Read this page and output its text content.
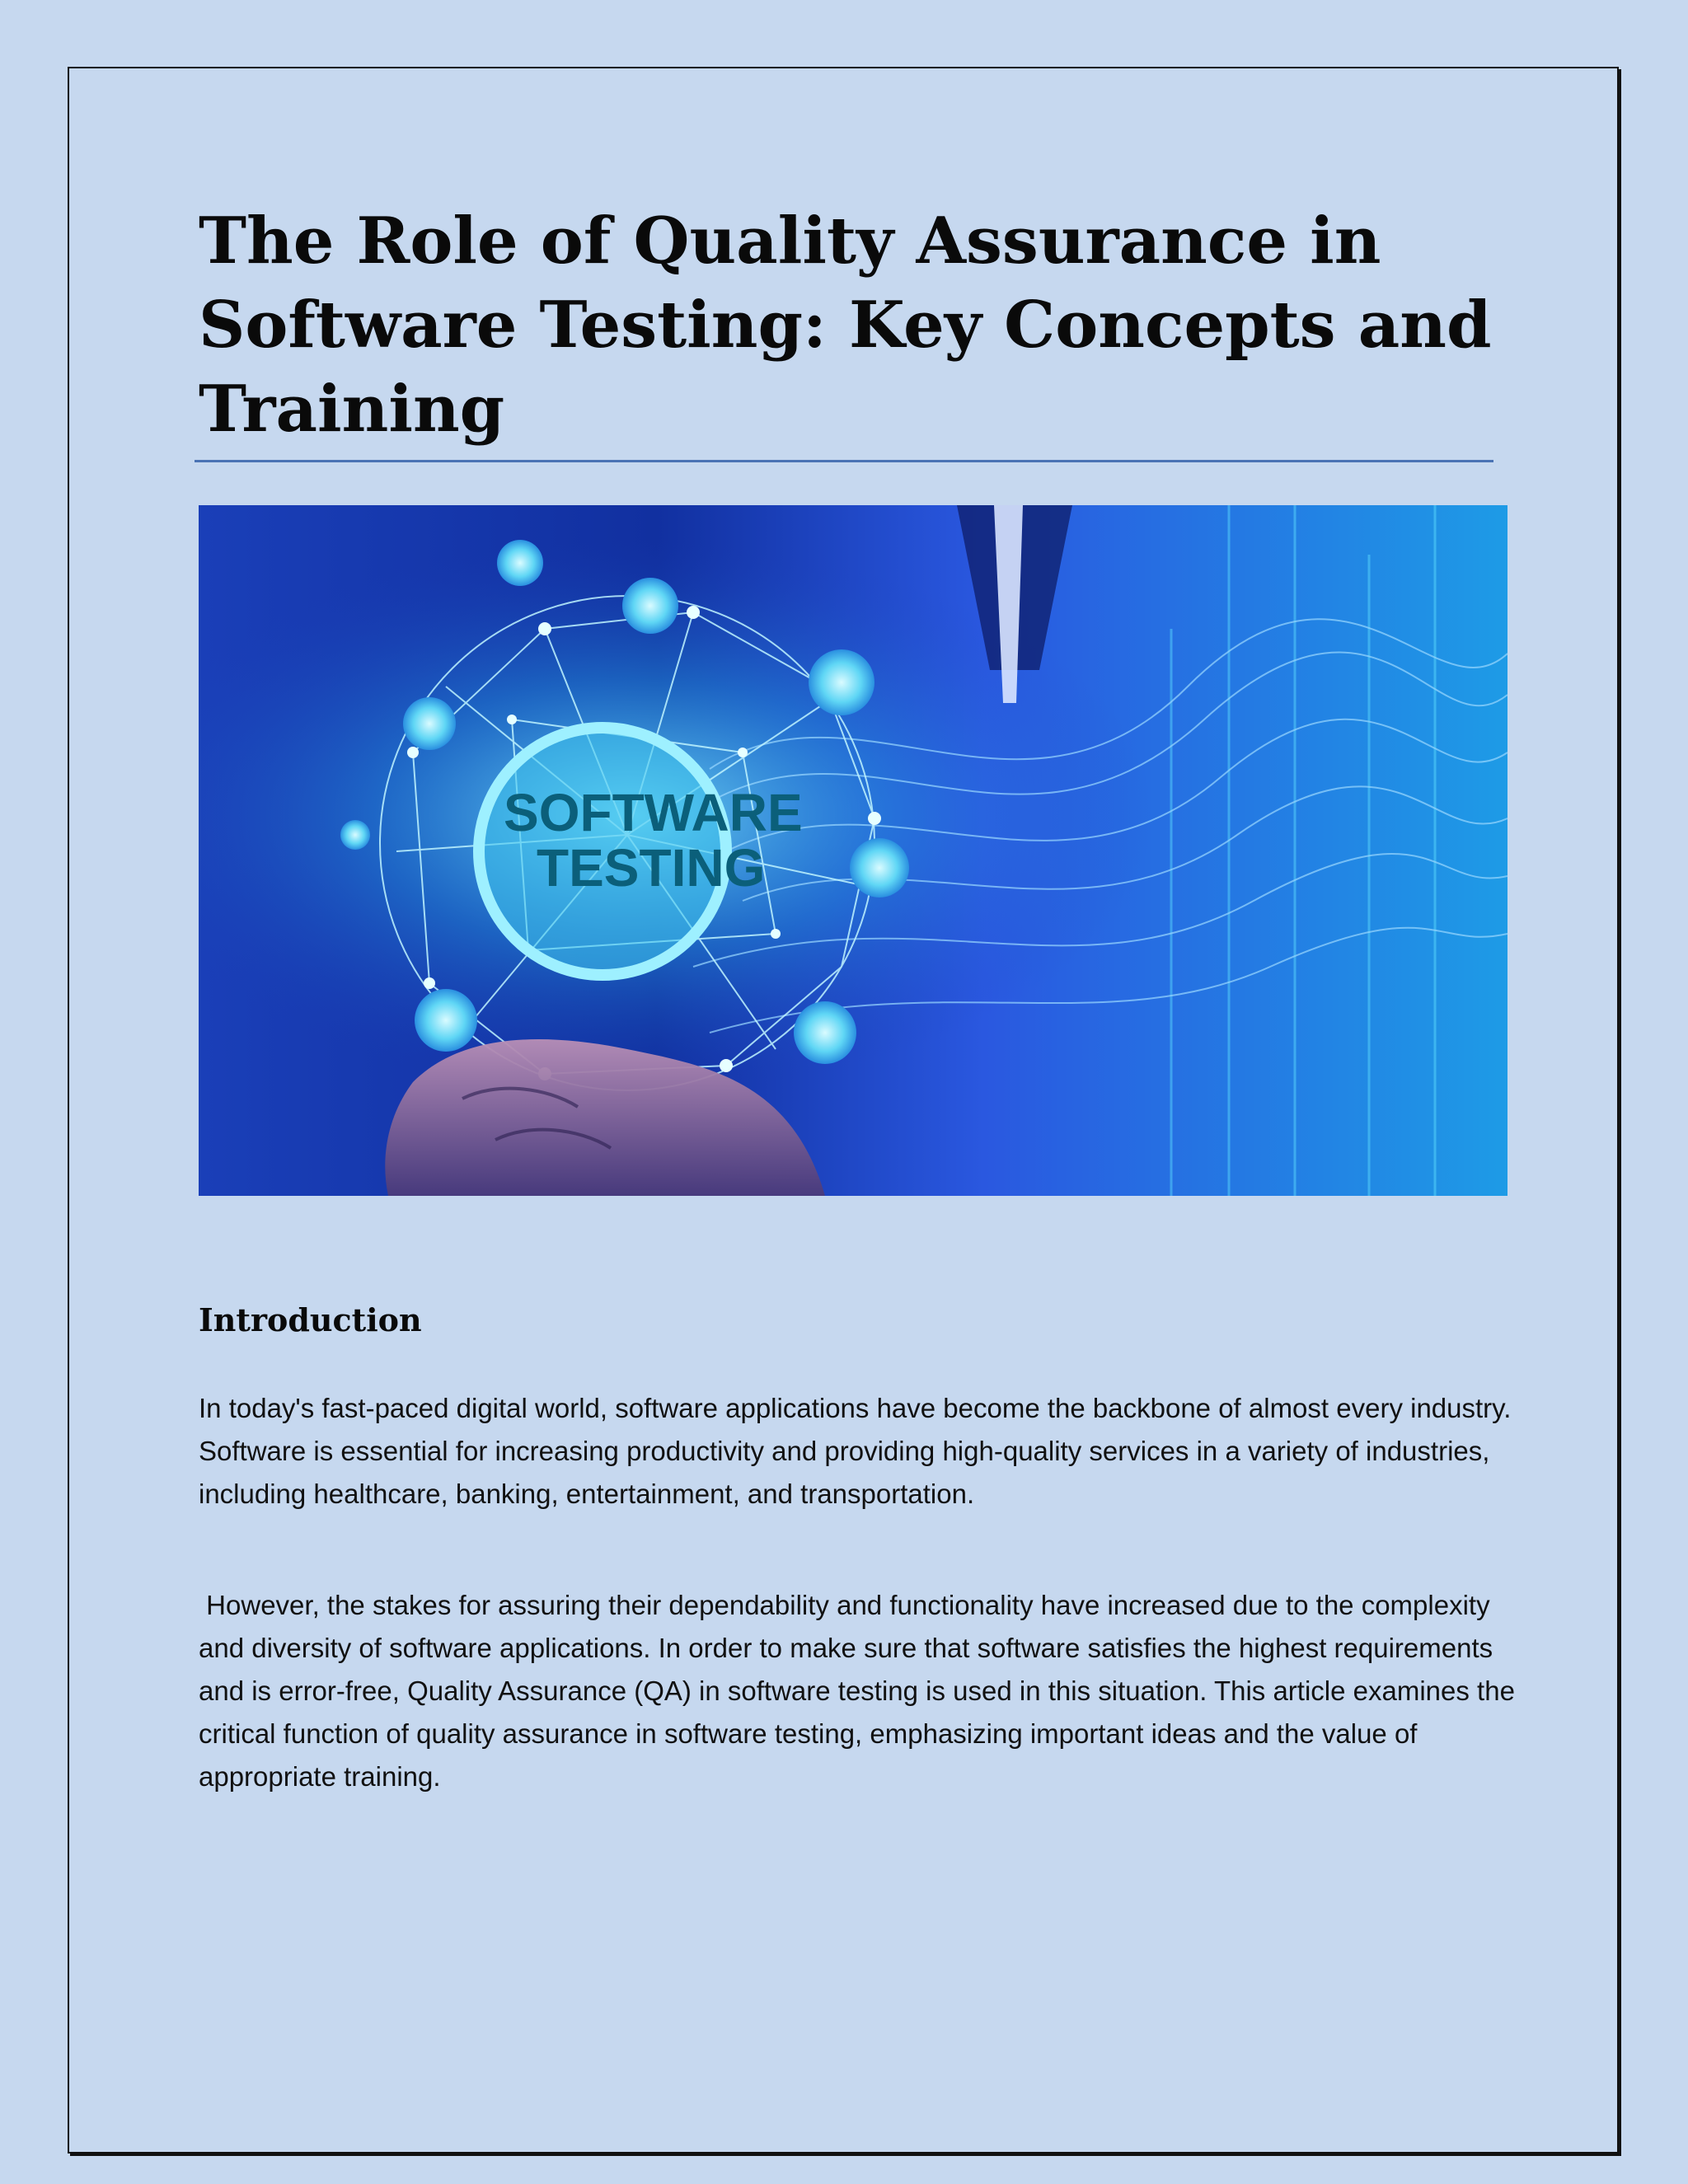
The Role of Quality Assurance in Software Testing: Key Concepts and Training
SOFTWARE
TESTING
Introduction

In today's fast-paced digital world, software applications have become the backbone of almost every industry. Software is essential for increasing productivity and providing high-quality services in a variety of industries, including healthcare, banking, entertainment, and transportation.

However, the stakes for assuring their dependability and functionality have increased due to the complexity and diversity of software applications. In order to make sure that software satisfies the highest requirements and is error-free, Quality Assurance (QA) in software testing is used in this situation. This article examines the critical function of quality assurance in software testing, emphasizing important ideas and the value of appropriate training.
